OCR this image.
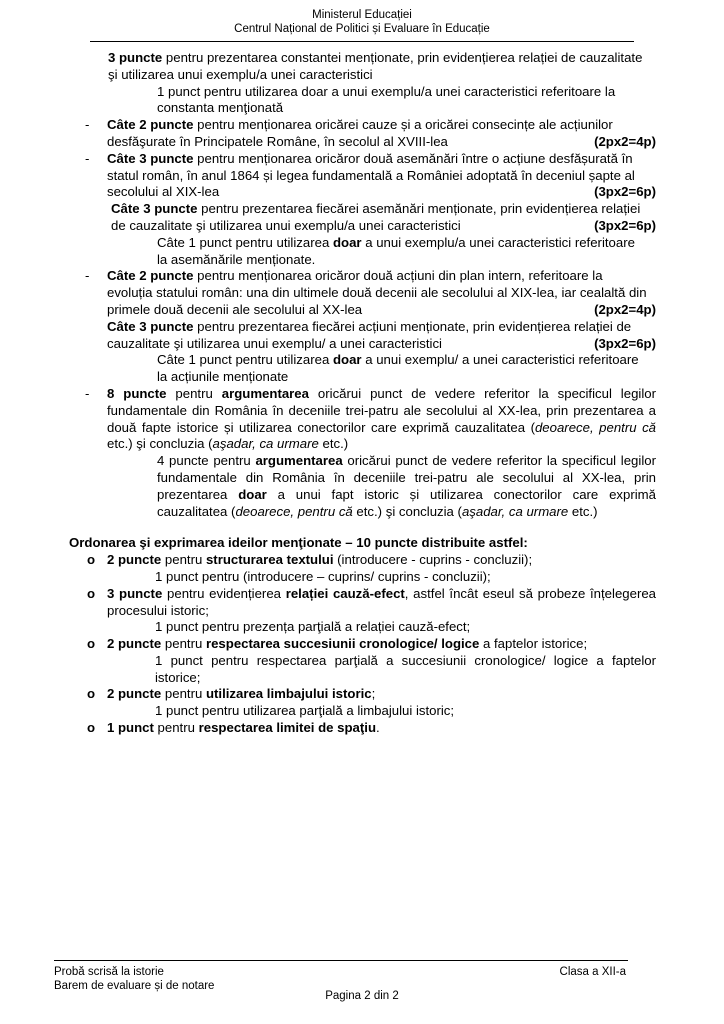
Ministerul Educației
Centrul Național de Politici și Evaluare în Educație

3 puncte pentru prezentarea constantei menționate, prin evidențierea relației de cauzalitate

şi utilizarea unui exemplu/a unei caracteristici

1 punct pentru utilizarea doar a unui exemplu/a unei caracteristici referitoare la

constanta menţionată

-	Câte 2 puncte pentru menționarea oricărei cauze și a oricărei consecințe ale acțiunilor

desfăşurate în Principatele Române, în secolul al XVIII-lea	(2px2=4p)
-	Câte 3 puncte pentru menționarea oricăror două asemănări între o acțiune desfășurată în

statul român, în anul 1864 și legea fundamentală a României adoptată în deceniul șapte al

secolului al XIX-lea	(3px2=6p)

Câte 3 puncte pentru prezentarea fiecărei asemănări menționate, prin evidențierea relației

de cauzalitate şi utilizarea unui exemplu/a unei caracteristici	(3px2=6p)

Câte 1 punct pentru utilizarea doar a unui exemplu/a unei caracteristici referitoare

la asemănările menționate.

-	Câte 2 puncte pentru menționarea oricăror două acțiuni din plan intern, referitoare la

evoluția statului român: una din ultimele două decenii ale secolului al XIX-lea, iar cealaltă din

primele două decenii ale secolului al XX-lea	(2px2=4p)

Câte 3 puncte pentru prezentarea fiecărei acțiuni menționate, prin evidențierea relației de

cauzalitate şi utilizarea unui exemplu/ a unei caracteristici	(3px2=6p)

Câte 1 punct pentru utilizarea doar a unui exemplu/ a unei caracteristici referitoare

la acțiunile menționate

-	8 puncte pentru argumentarea oricărui punct de vedere referitor la specificul legilor fundamentale din România în deceniile trei-patru ale secolului al XX-lea, prin prezentarea a două fapte istorice și utilizarea conectorilor care exprimă cauzalitatea (deoarece, pentru că etc.) şi concluzia (aşadar, ca urmare etc.)

4 puncte pentru argumentarea oricărui punct de vedere referitor la specificul legilor fundamentale din România în deceniile trei-patru ale secolului al XX-lea, prin prezentarea doar a unui fapt istoric și utilizarea conectorilor care exprimă cauzalitatea (deoarece, pentru că etc.) şi concluzia (aşadar, ca urmare etc.)

Ordonarea şi exprimarea ideilor menţionate – 10 puncte distribuite astfel:
o 2 puncte pentru structurarea textului (introducere - cuprins - concluzii);

1 punct pentru (introducere – cuprins/ cuprins - concluzii);

o 3 puncte pentru evidențierea relației cauză-efect, astfel încât eseul să probeze înțelegerea procesului istoric;

1 punct pentru prezența parţială a relației cauză-efect;

o 2 puncte pentru respectarea succesiunii cronologice/ logice a faptelor istorice;

1 punct pentru respectarea parţială a succesiunii cronologice/ logice a faptelor istorice;

o 2 puncte pentru utilizarea limbajului istoric;

1 punct pentru utilizarea parţială a limbajului istoric;

o 1 punct pentru respectarea limitei de spaţiu.

Probă scrisă la istorie
Barem de evaluare și de notare
Clasa a XII-a
Pagina 2 din 2
